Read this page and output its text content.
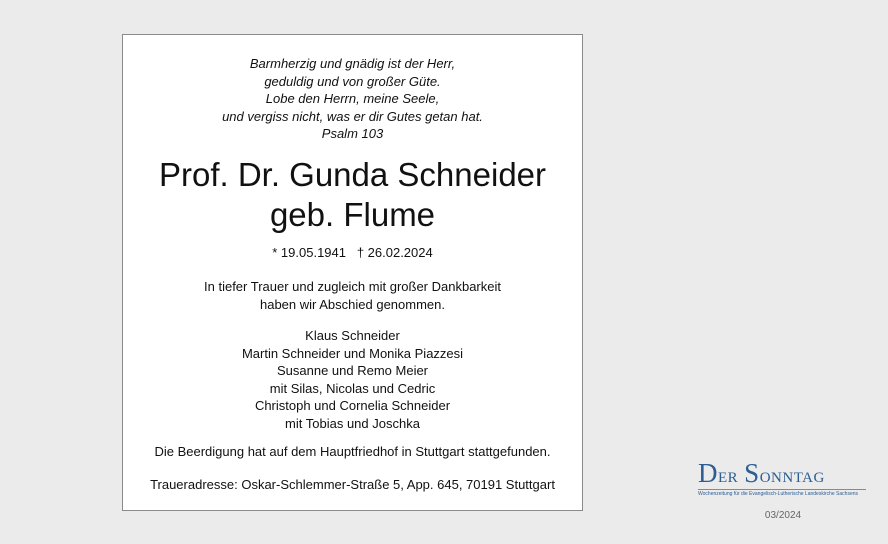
Barmherzig und gnädig ist der Herr,
geduldig und von großer Güte.
Lobe den Herrn, meine Seele,
und vergiss nicht, was er dir Gutes getan hat.
Psalm 103
Prof. Dr. Gunda Schneider
geb. Flume
* 19.05.1941   † 26.02.2024
In tiefer Trauer und zugleich mit großer Dankbarkeit
haben wir Abschied genommen.
Klaus Schneider
Martin Schneider und Monika Piazzesi
Susanne und Remo Meier
mit Silas, Nicolas und Cedric
Christoph und Cornelia Schneider
mit Tobias und Joschka
Die Beerdigung hat auf dem Hauptfriedhof in Stuttgart stattgefunden.
Traueradresse: Oskar-Schlemmer-Straße 5, App. 645, 70191 Stuttgart	Der Sonntag
Wochenzeitung für die Evangelisch-Lutherische Landeskirche Sachsens
03/2024
